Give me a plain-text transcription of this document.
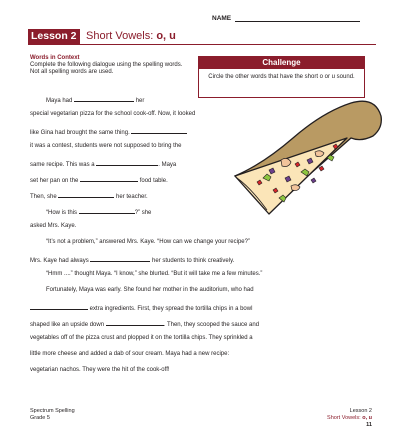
NAME
Lesson 2 Short Vowels: o, u
Words in Context
Complete the following dialogue using the spelling words. Not all spelling words are used.
Challenge
Circle the other words that have the short o or u sound.
Maya had	her
special vegetarian pizza for the school cook-off. Now, it looked
like Gina had brought the same thing.
it was a contest, students were not supposed to bring the
same recipe. This was a	. Maya
set her pan on the	food table.
Then, she	her teacher.
“How is this	?” she
asked Mrs. Kaye.
“It’s not a problem,” answered Mrs. Kaye. “How can we change your recipe?”
Mrs. Kaye had always	her students to think creatively.
“Hmm ....” thought Maya. “I know,” she blurted. “But it will take me a few minutes.”
Fortunately, Maya was early. She found her mother in the auditorium, who had
extra ingredients. First, they spread the tortilla chips in a bowl
shaped like an upside down	. Then, they scooped the sauce and
vegetables off of the pizza crust and plopped it on the tortilla chips. They sprinkled a
little more cheese and added a dab of sour cream. Maya had a new recipe:
vegetarian nachos. They were the hit of the cook-off!
Spectrum Spelling
Grade 5
Lesson 2
Short Vowels: o, u
11
